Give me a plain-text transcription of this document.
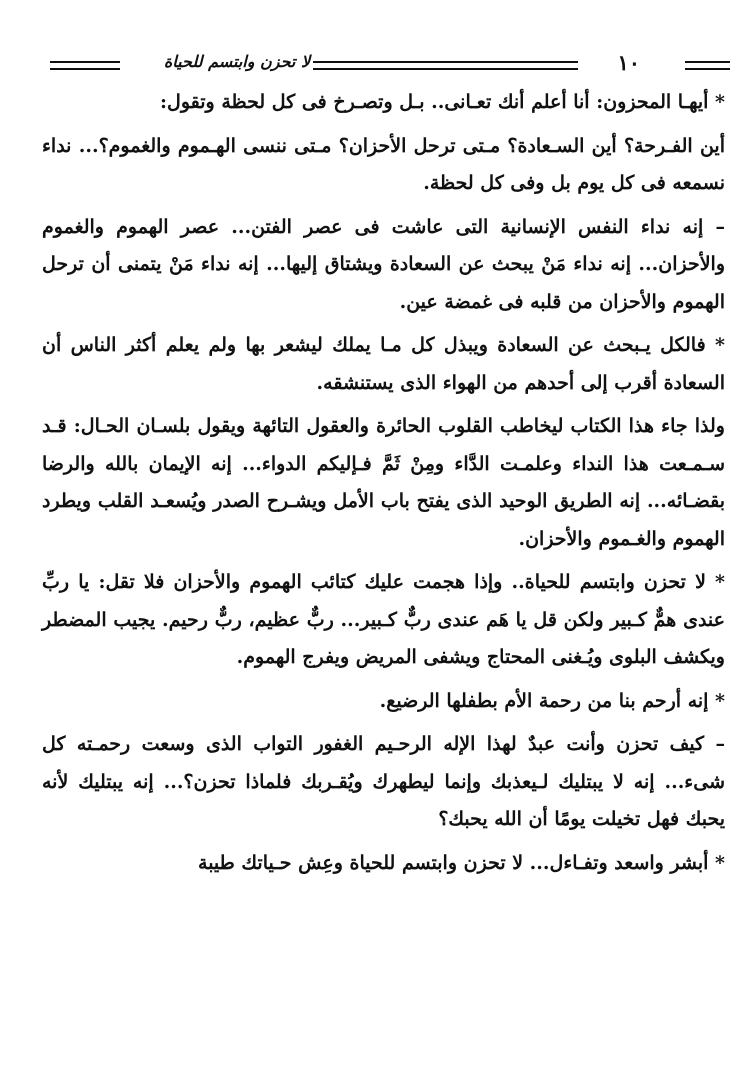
١٠
لا تحزن وابتسم للحياة

* أيهـا المحزون: أنا أعلم أنك تعـانى.. بـل وتصـرخ فى كل لحظة وتقول:

أين الفـرحة؟ أين السـعادة؟ مـتى ترحل الأحزان؟ مـتى ننسى الهـموم والغموم؟... نداء نسمعه فى كل يوم بل وفى كل لحظة.

– إنه نداء النفس الإنسانية التى عاشت فى عصر الفتن... عصر الهموم والغموم والأحزان... إنه نداء مَنْ يبحث عن السعادة ويشتاق إليها... إنه نداء مَنْ يتمنى أن ترحل الهموم والأحزان من قلبه فى غمضة عين.

* فالكل يـبحث عن السعادة ويبذل كل مـا يملك ليشعر بها ولم يعلم أكثر الناس أن السعادة أقرب إلى أحدهم من الهواء الذى يستنشقه.

ولذا جاء هذا الكتاب ليخاطب القلوب الحائرة والعقول التائهة ويقول بلسـان الحـال: قـد سـمـعت هذا النداء وعلمـت الدَّاء ومِنْ ثَمَّ فـإليكم الدواء... إنه الإيمان بالله والرضا بقضـائه... إنه الطريق الوحيد الذى يفتح باب الأمل ويشـرح الصدر ويُسعـد القلب ويطرد الهموم والغـموم والأحزان.

* لا تحزن وابتسم للحياة.. وإذا هجمت عليك كتائب الهموم والأحزان فلا تقل: يا ربِّ عندى همٌّ كـبير ولكن قل يا هَم عندى ربٌّ كـبير... ربٌّ عظيم، ربٌّ رحيم. يجيب المضطر ويكشف البلوى ويُـغنى المحتاج ويشفى المريض ويفرج الهموم.

* إنه أرحم بنا من رحمة الأم بطفلها الرضيع.

– كيف تحزن وأنت عبدٌ لهذا الإله الرحـيم الغفور التواب الذى وسعت رحمـته كل شىء... إنه لا يبتليك لـيعذبك وإنما ليطهرك ويُقـربك فلماذا تحزن؟... إنه يبتليك لأنه يحبك فهل تخيلت يومًا أن الله يحبك؟

* أبشر واسعد وتفـاءل... لا تحزن وابتسم للحياة وعِش حـياتك طيبة
